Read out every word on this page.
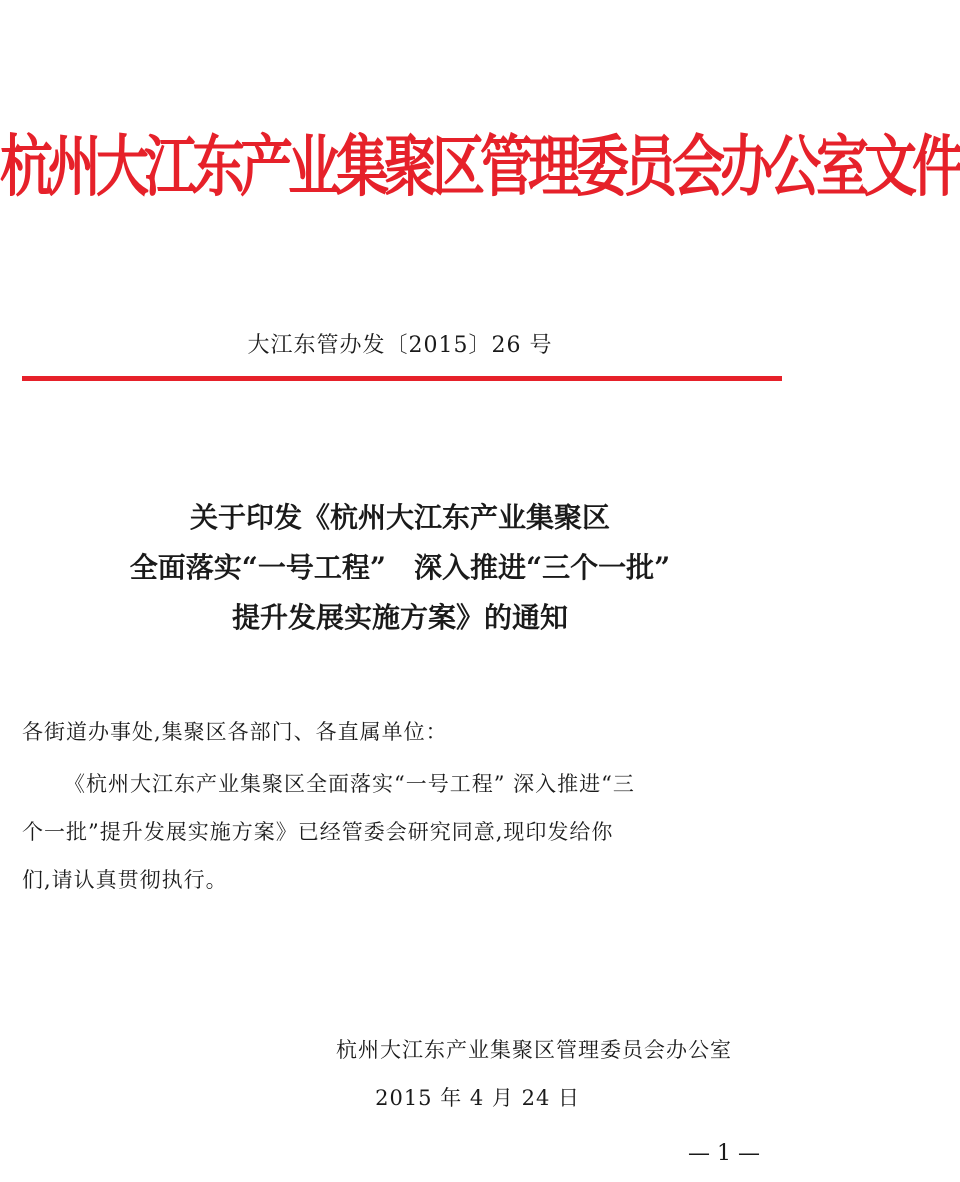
杭州大江东产业集聚区管理委员会办公室文件
大江东管办发〔2015〕26 号
关于印发《杭州大江东产业集聚区
全面落实“一号工程”　深入推进“三个一批”
提升发展实施方案》的通知
各街道办事处,集聚区各部门、各直属单位：
《杭州大江东产业集聚区全面落实“一号工程” 深入推进“三
个一批”提升发展实施方案》已经管委会研究同意,现印发给你
们,请认真贯彻执行。
杭州大江东产业集聚区管理委员会办公室
2015 年 4 月 24 日
— 1 —
